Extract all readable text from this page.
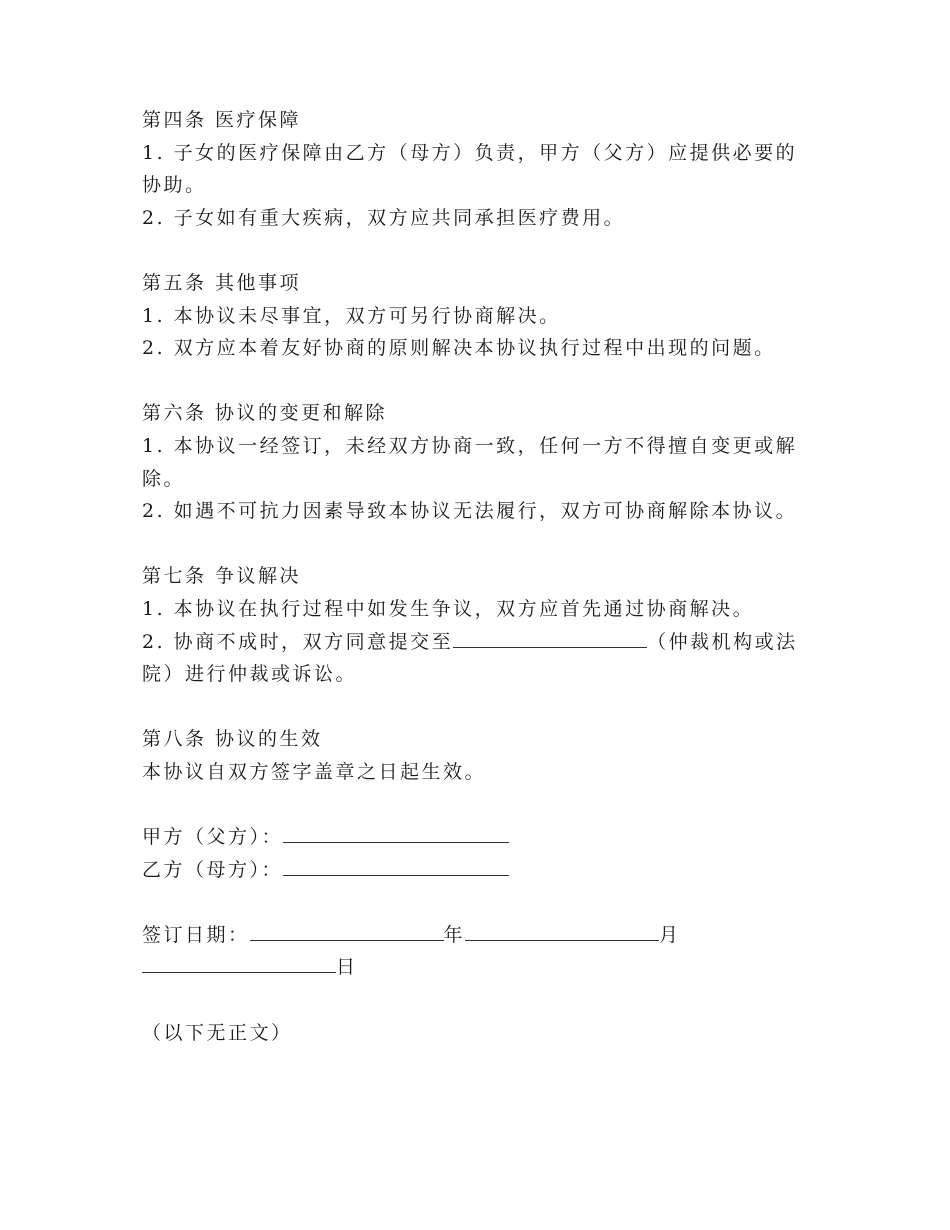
第四条 医疗保障
1. 子女的医疗保障由乙方（母方）负责，甲方（父方）应提供必要的
协助。
2. 子女如有重大疾病，双方应共同承担医疗费用。
第五条 其他事项
1. 本协议未尽事宜，双方可另行协商解决。
2. 双方应本着友好协商的原则解决本协议执行过程中出现的问题。
第六条 协议的变更和解除
1. 本协议一经签订，未经双方协商一致，任何一方不得擅自变更或解
除。
2. 如遇不可抗力因素导致本协议无法履行，双方可协商解除本协议。
第七条 争议解决
1. 本协议在执行过程中如发生争议，双方应首先通过协商解决。
2. 协商不成时，双方同意提交至	（仲裁机构或法
院）进行仲裁或诉讼。
第八条 协议的生效
本协议自双方签字盖章之日起生效。
甲方（父方）：
乙方（母方）：
签订日期：	年	月
日
（以下无正文）
